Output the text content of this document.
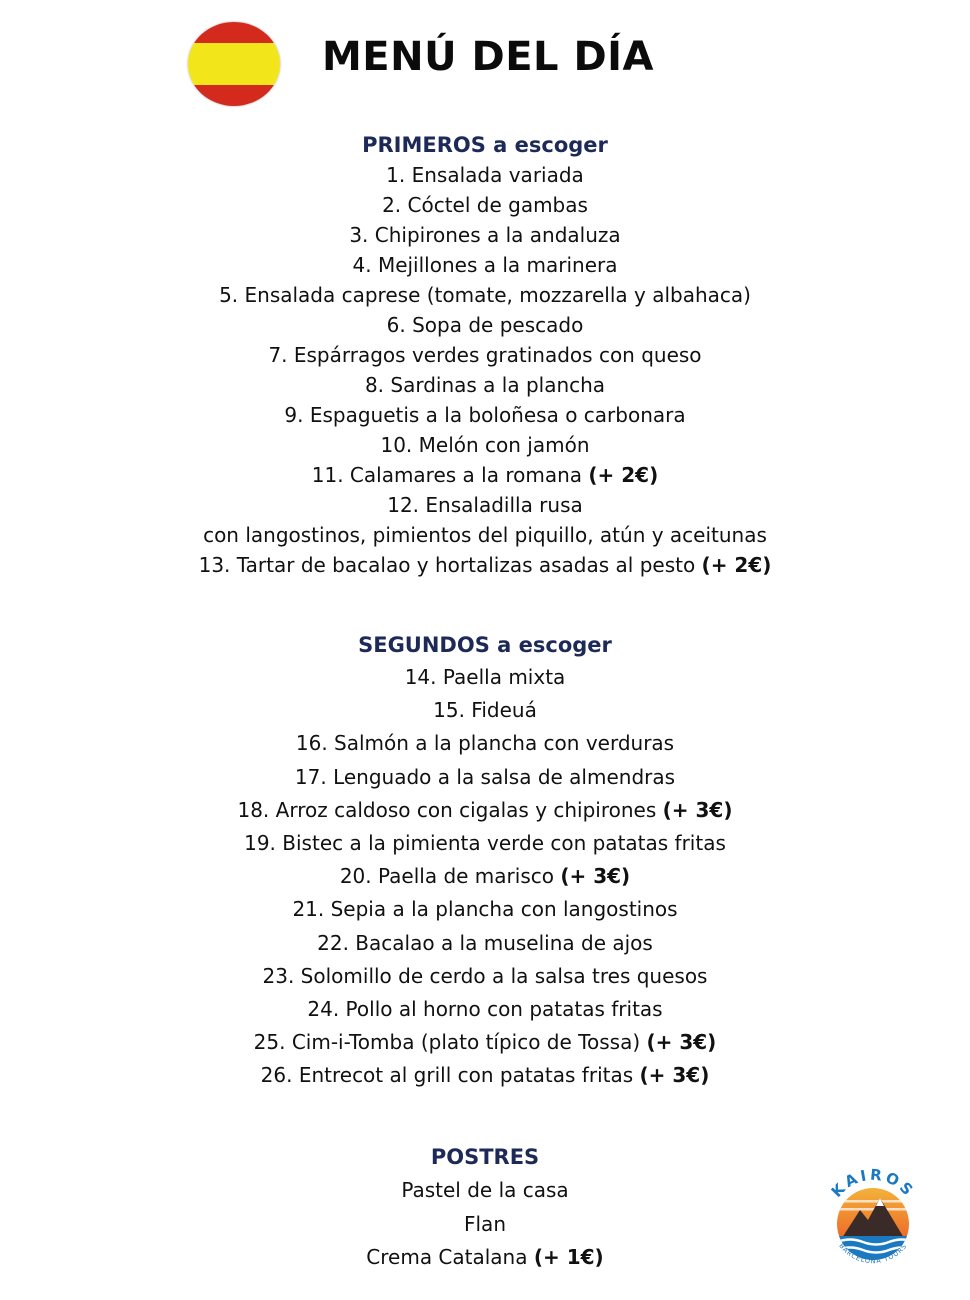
MENÚ DEL DÍA
PRIMEROS a escoger
1. Ensalada variada
2. Cóctel de gambas
3. Chipirones a la andaluza
4. Mejillones a la marinera
5. Ensalada caprese (tomate, mozzarella y albahaca)
6. Sopa de pescado
7. Espárragos verdes gratinados con queso
8. Sardinas a la plancha
9. Espaguetis a la boloñesa o carbonara
10. Melón con jamón
11. Calamares a la romana (+ 2€)
12. Ensaladilla rusa
con langostinos, pimientos del piquillo, atún y aceitunas
13. Tartar de bacalao y hortalizas asadas al pesto (+ 2€)
SEGUNDOS a escoger
14. Paella mixta
15. Fideuá
16. Salmón a la plancha con verduras
17. Lenguado a la salsa de almendras
18. Arroz caldoso con cigalas y chipirones (+ 3€)
19. Bistec a la pimienta verde con patatas fritas
20. Paella de marisco (+ 3€)
21. Sepia a la plancha con langostinos
22. Bacalao a la muselina de ajos
23. Solomillo de cerdo a la salsa tres quesos
24. Pollo al horno con patatas fritas
25. Cim-i-Tomba (plato típico de Tossa) (+ 3€)
26. Entrecot al grill con patatas fritas (+ 3€)
POSTRES
Pastel de la casa
Flan
Crema Catalana (+ 1€)
KAIROS
BARCELONA TOURS
